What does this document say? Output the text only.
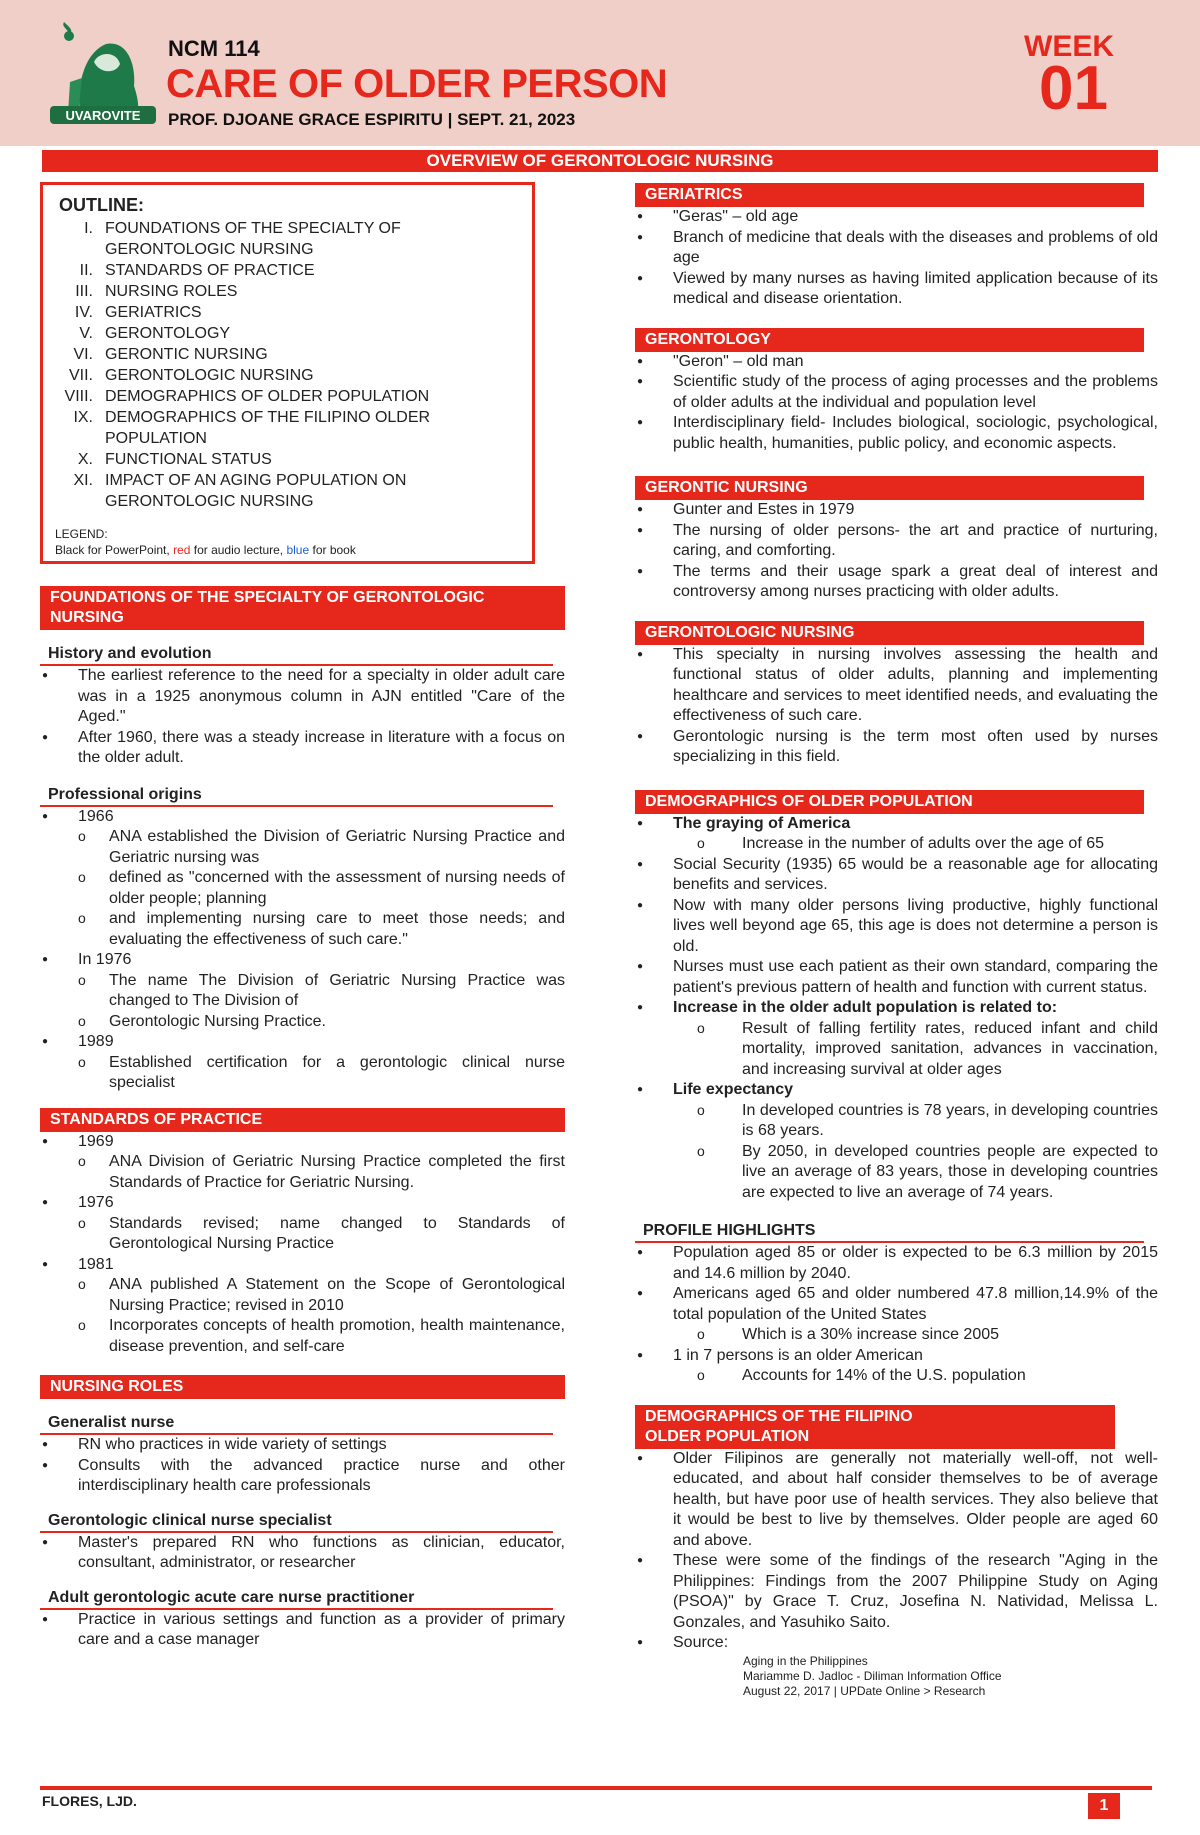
UVAROVITE
NCM 114
CARE OF OLDER PERSON
PROF. DJOANE GRACE ESPIRITU | SEPT. 21, 2023
WEEK
01
OVERVIEW OF GERONTOLOGIC NURSING
OUTLINE:
I. FOUNDATIONS OF THE SPECIALTY OF GERONTOLOGIC NURSING
II. STANDARDS OF PRACTICE
III. NURSING ROLES
IV. GERIATRICS
V. GERONTOLOGY
VI. GERONTIC NURSING
VII. GERONTOLOGIC NURSING
VIII. DEMOGRAPHICS OF OLDER POPULATION
IX. DEMOGRAPHICS OF THE FILIPINO OLDER POPULATION
X. FUNCTIONAL STATUS
XI. IMPACT OF AN AGING POPULATION ON GERONTOLOGIC NURSING
LEGEND:
Black for PowerPoint, red for audio lecture, blue for book
FOUNDATIONS OF THE SPECIALTY OF GERONTOLOGIC NURSING
History and evolution
● The earliest reference to the need for a specialty in older adult care was in a 1925 anonymous column in AJN entitled "Care of the Aged."
● After 1960, there was a steady increase in literature with a focus on the older adult.
Professional origins
● 1966
o ANA established the Division of Geriatric Nursing Practice and Geriatric nursing was
o defined as "concerned with the assessment of nursing needs of older people; planning
o and implementing nursing care to meet those needs; and evaluating the effectiveness of such care."
● In 1976
o The name The Division of Geriatric Nursing Practice was changed to The Division of
o Gerontologic Nursing Practice.
● 1989
o Established certification for a gerontologic clinical nurse specialist
STANDARDS OF PRACTICE
● 1969
o ANA Division of Geriatric Nursing Practice completed the first Standards of Practice for Geriatric Nursing.
● 1976
o Standards revised; name changed to Standards of Gerontological Nursing Practice
● 1981
o ANA published A Statement on the Scope of Gerontological Nursing Practice; revised in 2010
o Incorporates concepts of health promotion, health maintenance, disease prevention, and self-care
NURSING ROLES
Generalist nurse
● RN who practices in wide variety of settings
● Consults with the advanced practice nurse and other interdisciplinary health care professionals
Gerontologic clinical nurse specialist
● Master's prepared RN who functions as clinician, educator, consultant, administrator, or researcher
Adult gerontologic acute care nurse practitioner
● Practice in various settings and function as a provider of primary care and a case manager
GERIATRICS
● "Geras" – old age
● Branch of medicine that deals with the diseases and problems of old age
● Viewed by many nurses as having limited application because of its medical and disease orientation.
GERONTOLOGY
● "Geron" – old man
● Scientific study of the process of aging processes and the problems of older adults at the individual and population level
● Interdisciplinary field- Includes biological, sociologic, psychological, public health, humanities, public policy, and economic aspects.
GERONTIC NURSING
● Gunter and Estes in 1979
● The nursing of older persons- the art and practice of nurturing, caring, and comforting.
● The terms and their usage spark a great deal of interest and controversy among nurses practicing with older adults.
GERONTOLOGIC NURSING
● This specialty in nursing involves assessing the health and functional status of older adults, planning and implementing healthcare and services to meet identified needs, and evaluating the effectiveness of such care.
● Gerontologic nursing is the term most often used by nurses specializing in this field.
DEMOGRAPHICS OF OLDER POPULATION
● The graying of America
o Increase in the number of adults over the age of 65
● Social Security (1935) 65 would be a reasonable age for allocating benefits and services.
● Now with many older persons living productive, highly functional lives well beyond age 65, this age is does not determine a person is old.
● Nurses must use each patient as their own standard, comparing the patient's previous pattern of health and function with current status.
● Increase in the older adult population is related to:
o Result of falling fertility rates, reduced infant and child mortality, improved sanitation, advances in vaccination, and increasing survival at older ages
● Life expectancy
o In developed countries is 78 years, in developing countries is 68 years.
o By 2050, in developed countries people are expected to live an average of 83 years, those in developing countries are expected to live an average of 74 years.
PROFILE HIGHLIGHTS
● Population aged 85 or older is expected to be 6.3 million by 2015 and 14.6 million by 2040.
● Americans aged 65 and older numbered 47.8 million,14.9% of the total population of the United States
o Which is a 30% increase since 2005
● 1 in 7 persons is an older American
o Accounts for 14% of the U.S. population
DEMOGRAPHICS OF THE FILIPINO OLDER POPULATION
● Older Filipinos are generally not materially well-off, not well-educated, and about half consider themselves to be of average health, but have poor use of health services. They also believe that it would be best to live by themselves. Older people are aged 60 and above.
● These were some of the findings of the research "Aging in the Philippines: Findings from the 2007 Philippine Study on Aging (PSOA)" by Grace T. Cruz, Josefina N. Natividad, Melissa L. Gonzales, and Yasuhiko Saito.
● Source:
Aging in the Philippines
Mariamme D. Jadloc - Diliman Information Office
August 22, 2017 | UPDate Online > Research
FLORES, LJD.	1
